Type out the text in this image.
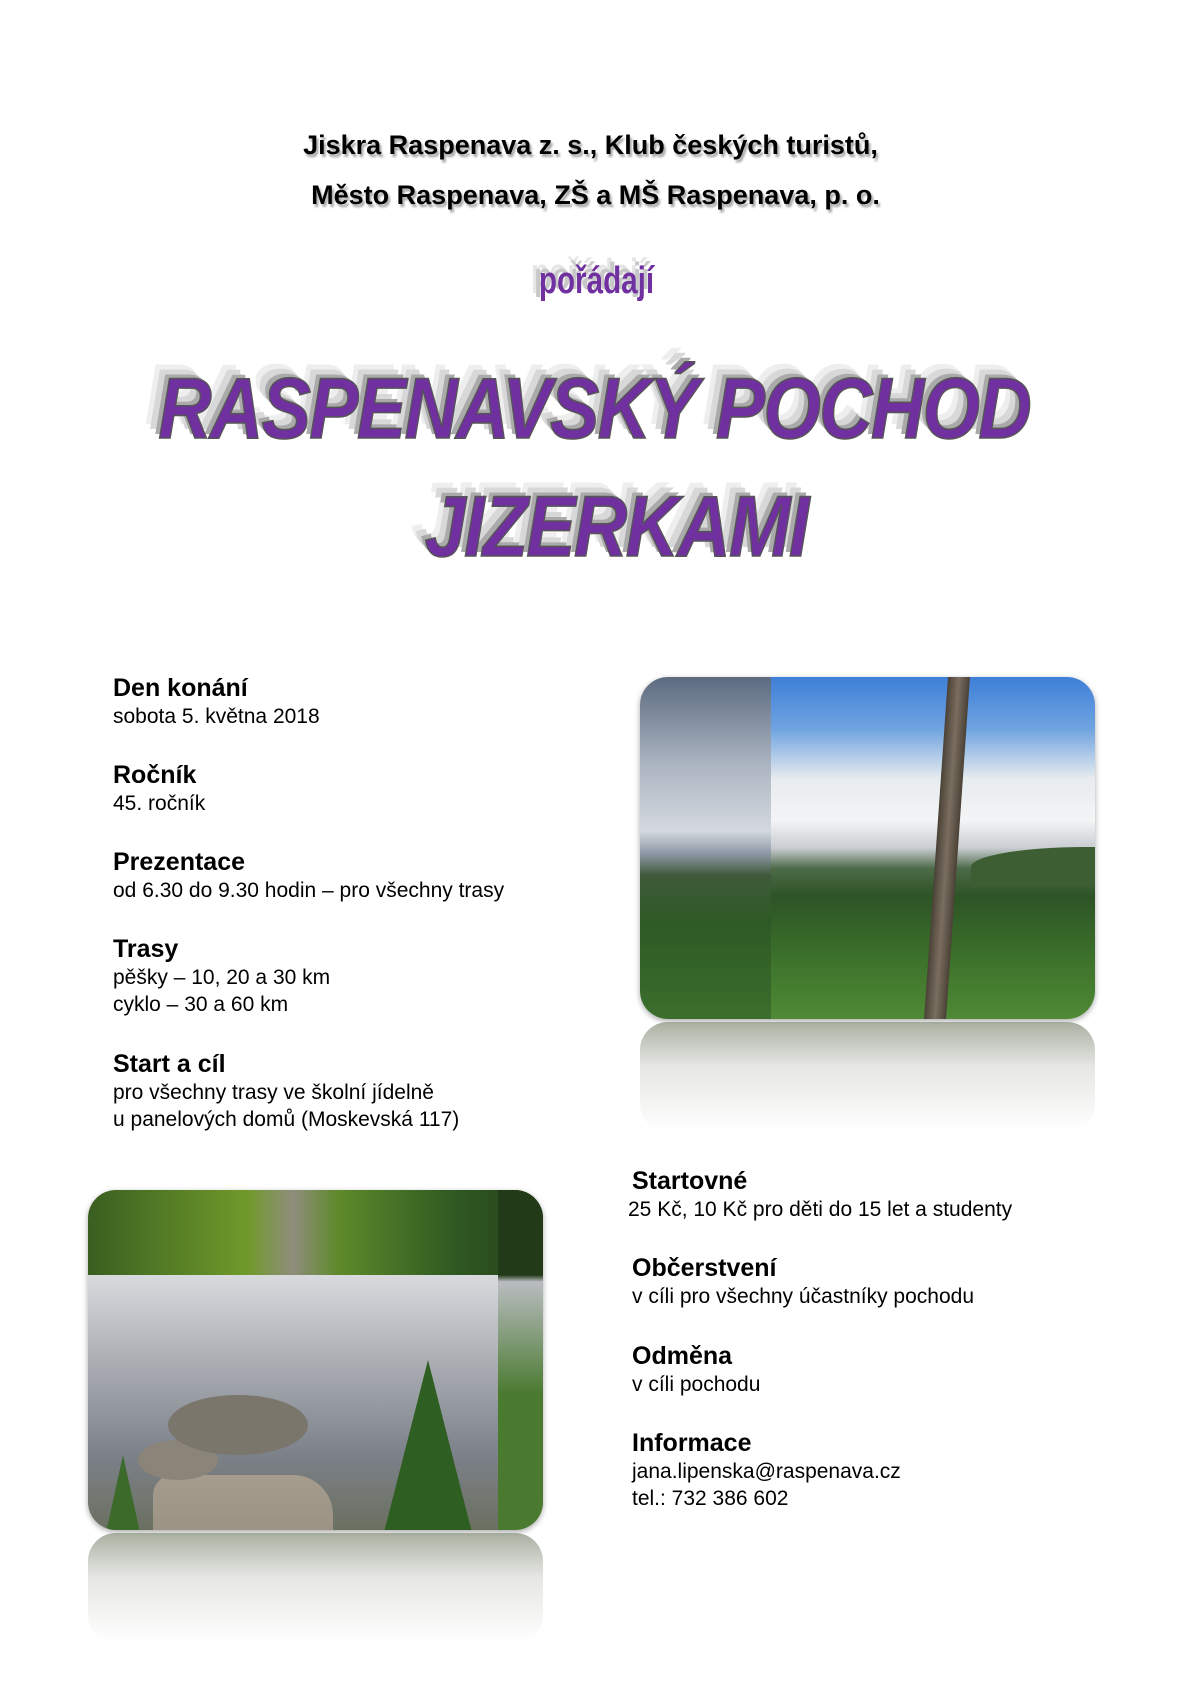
Jiskra Raspenava z. s., Klub českých turistů,
Město Raspenava, ZŠ a MŠ Raspenava, p. o.
pořádají
RASPENAVSKÝ POCHOD
JIZERKAMI
Den konání
sobota 5. května 2018
Ročník
45. ročník
Prezentace
od 6.30 do 9.30 hodin – pro všechny trasy
Trasy
pěšky – 10, 20 a 30 km
cyklo – 30 a 60 km
Start a cíl
pro všechny trasy ve školní jídelně
u panelových domů (Moskevská 117)
Startovné
25 Kč, 10 Kč pro děti do 15 let a studenty
Občerstvení
v cíli pro všechny účastníky pochodu
Odměna
v cíli pochodu
Informace
jana.lipenska@raspenava.cz
tel.: 732 386 602
